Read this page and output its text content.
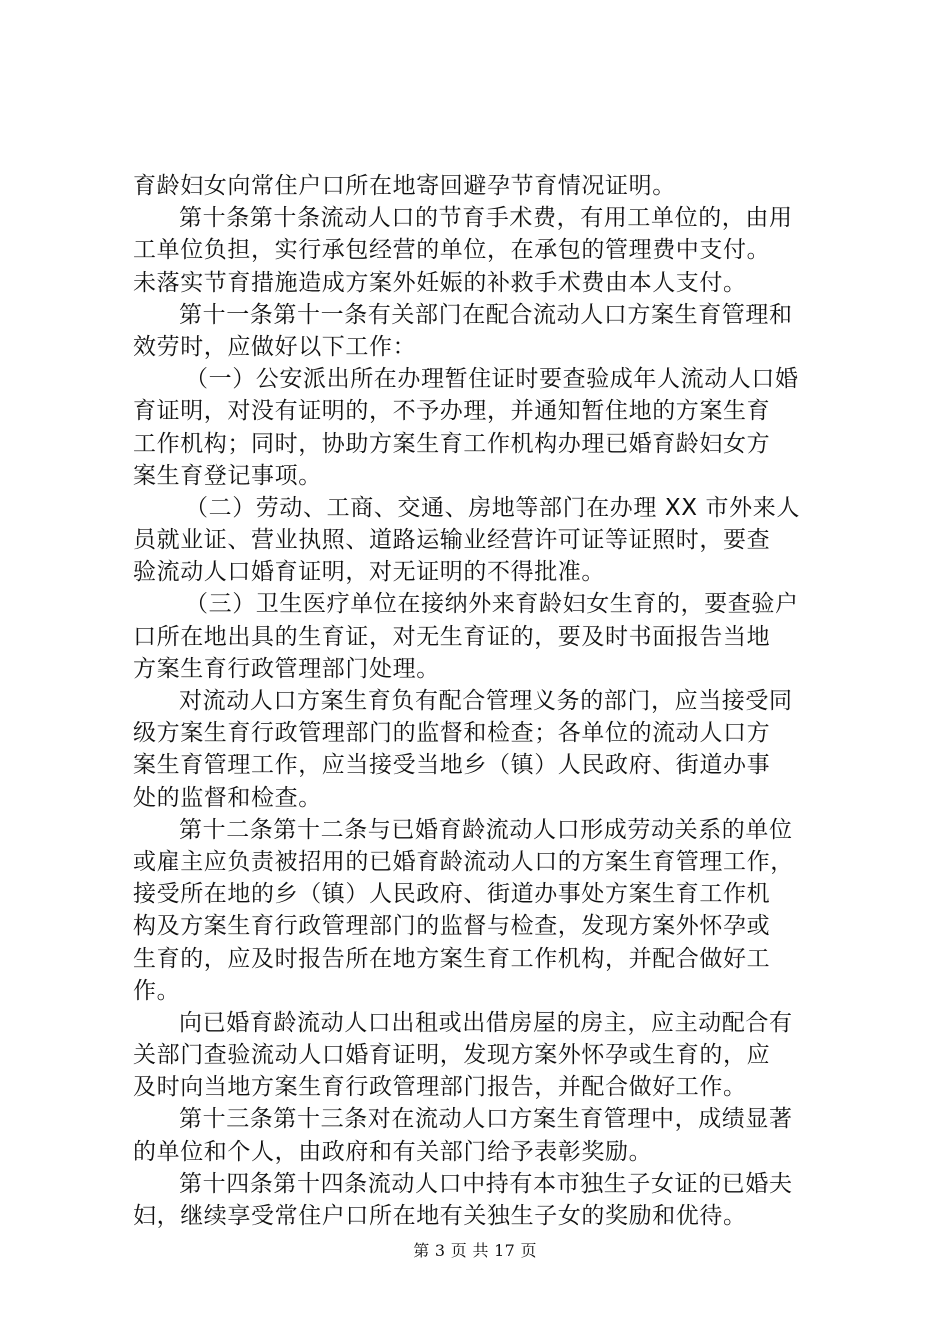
育龄妇女向常住户口所在地寄回避孕节育情况证明。
第十条第十条流动人口的节育手术费，有用工单位的，由用
工单位负担，实行承包经营的单位，在承包的管理费中支付。
未落实节育措施造成方案外妊娠的补救手术费由本人支付。
第十一条第十一条有关部门在配合流动人口方案生育管理和
效劳时，应做好以下工作：
（一）公安派出所在办理暂住证时要查验成年人流动人口婚
育证明，对没有证明的，不予办理，并通知暂住地的方案生育
工作机构；同时，协助方案生育工作机构办理已婚育龄妇女方
案生育登记事项。
（二）劳动、工商、交通、房地等部门在办理 XX 市外来人
员就业证、营业执照、道路运输业经营许可证等证照时，要查
验流动人口婚育证明，对无证明的不得批准。
（三）卫生医疗单位在接纳外来育龄妇女生育的，要查验户
口所在地出具的生育证，对无生育证的，要及时书面报告当地
方案生育行政管理部门处理。
对流动人口方案生育负有配合管理义务的部门，应当接受同
级方案生育行政管理部门的监督和检查；各单位的流动人口方
案生育管理工作，应当接受当地乡（镇）人民政府、街道办事
处的监督和检查。
第十二条第十二条与已婚育龄流动人口形成劳动关系的单位
或雇主应负责被招用的已婚育龄流动人口的方案生育管理工作，
接受所在地的乡（镇）人民政府、街道办事处方案生育工作机
构及方案生育行政管理部门的监督与检查，发现方案外怀孕或
生育的，应及时报告所在地方案生育工作机构，并配合做好工
作。
向已婚育龄流动人口出租或出借房屋的房主，应主动配合有
关部门查验流动人口婚育证明，发现方案外怀孕或生育的，应
及时向当地方案生育行政管理部门报告，并配合做好工作。
第十三条第十三条对在流动人口方案生育管理中，成绩显著
的单位和个人，由政府和有关部门给予表彰奖励。
第十四条第十四条流动人口中持有本市独生子女证的已婚夫
妇，继续享受常住户口所在地有关独生子女的奖励和优待。
第 3 页 共 17 页
